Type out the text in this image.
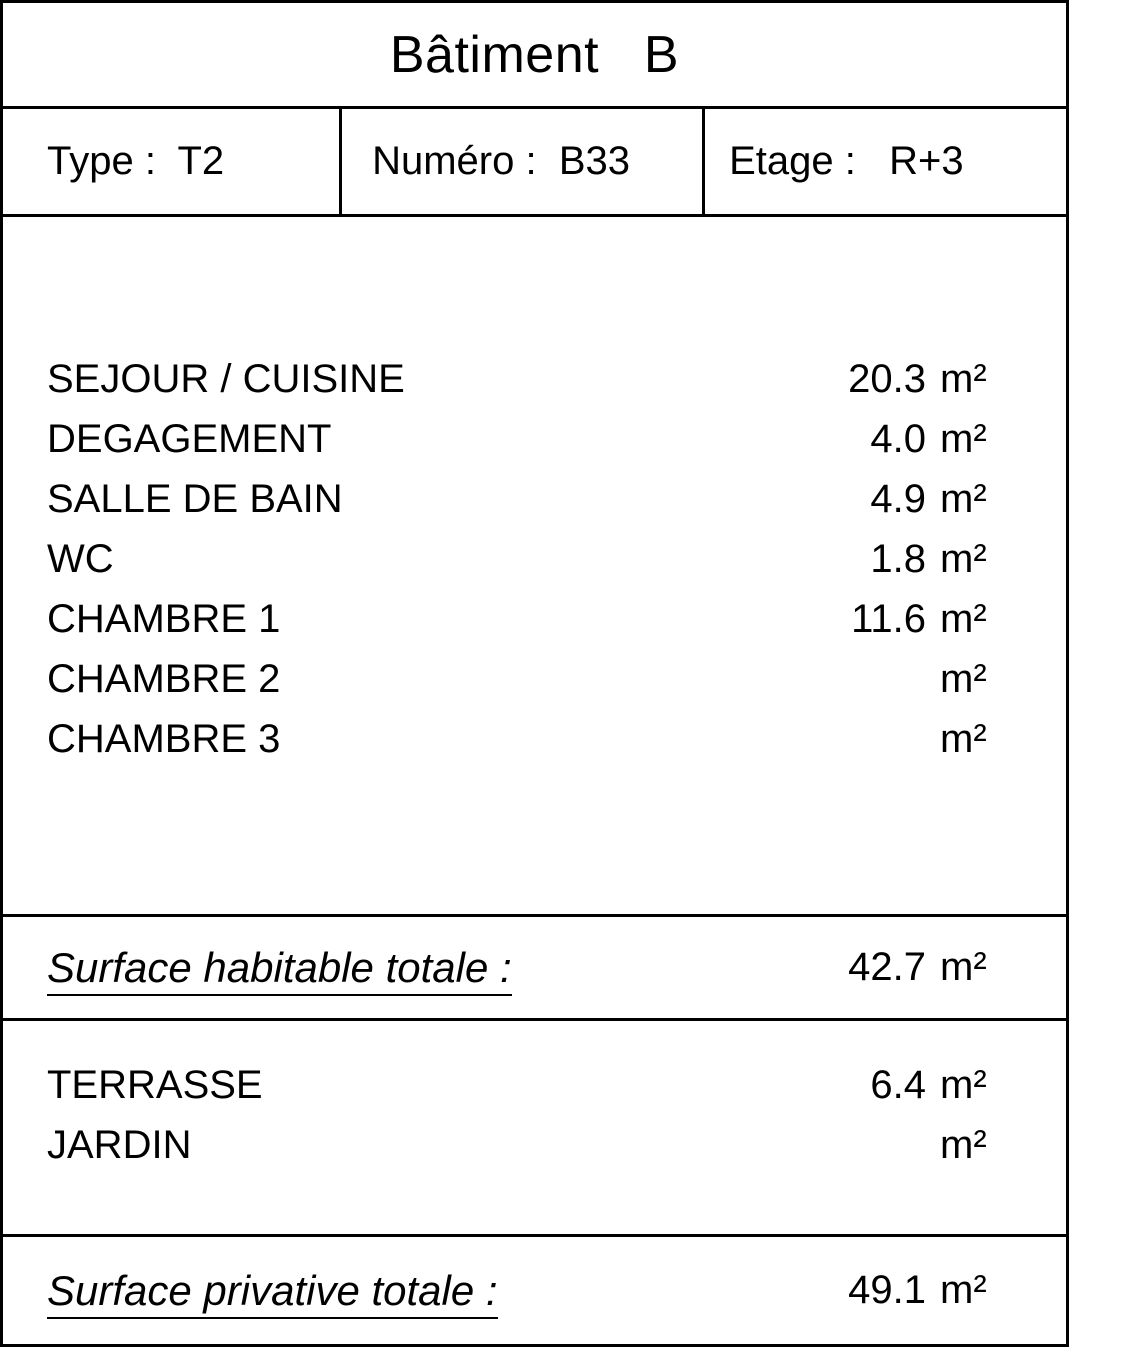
Bâtiment   B
Type :  T2	Numéro :  B33	Etage :   R+3
SEJOUR / CUISINE	20.3 m²
DEGAGEMENT	4.0 m²
SALLE DE BAIN	4.9 m²
WC	1.8 m²
CHAMBRE 1	11.6 m²
CHAMBRE 2	m²
CHAMBRE 3	m²
Surface habitable totale :	42.7 m²
TERRASSE	6.4 m²
JARDIN	m²
Surface privative totale :	49.1 m²
